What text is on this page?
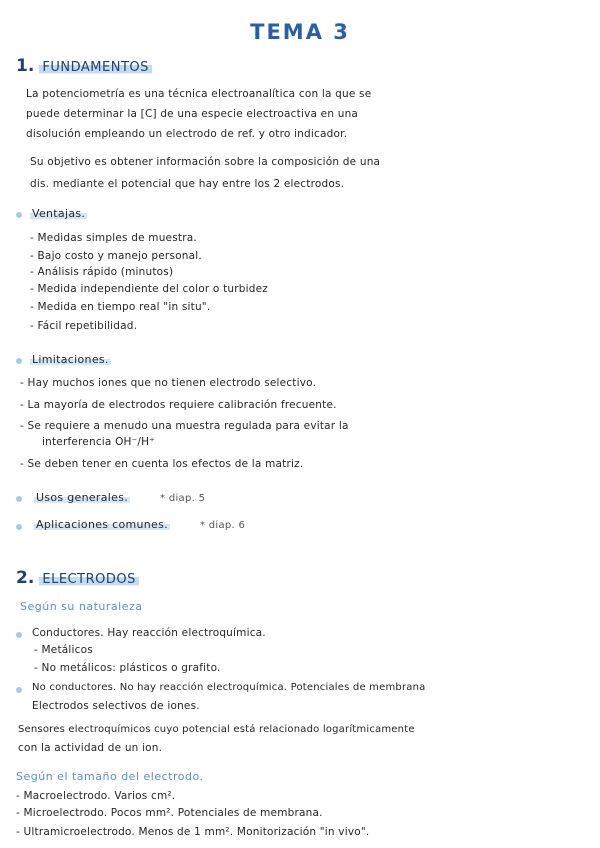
TEMA 3
1. FUNDAMENTOS
La potenciometría es una técnica electroanalítica con la que se
puede determinar la [C] de una especie electroactiva en una
disolución empleando un electrodo de ref. y otro indicador.
Su objetivo es obtener información sobre la composición de una
dis. mediante el potencial que hay entre los 2 electrodos.
Ventajas.
- Medidas simples de muestra.
- Bajo costo y manejo personal.
- Análisis rápido (minutos)
- Medida independiente del color o turbidez
- Medida en tiempo real "in situ".
- Fácil repetibilidad.
Limitaciones.
- Hay muchos iones que no tienen electrodo selectivo.
- La mayoría de electrodos requiere calibración frecuente.
- Se requiere a menudo una muestra regulada para evitar la
interferencia OH⁻/H⁺
- Se deben tener en cuenta los efectos de la matriz.
Usos generales.	* diap. 5
Aplicaciones comunes.	* diap. 6
2. ELECTRODOS
Según su naturaleza
Conductores. Hay reacción electroquímica.
- Metálicos
- No metálicos: plásticos o grafito.
No conductores. No hay reacción electroquímica. Potenciales de membrana
Electrodos selectivos de iones.
Sensores electroquímicos cuyo potencial está relacionado logarítmicamente
con la actividad de un ion.
Según el tamaño del electrodo.
- Macroelectrodo. Varios cm².
- Microelectrodo. Pocos mm². Potenciales de membrana.
- Ultramicroelectrodo. Menos de 1 mm². Monitorización "in vivo".
